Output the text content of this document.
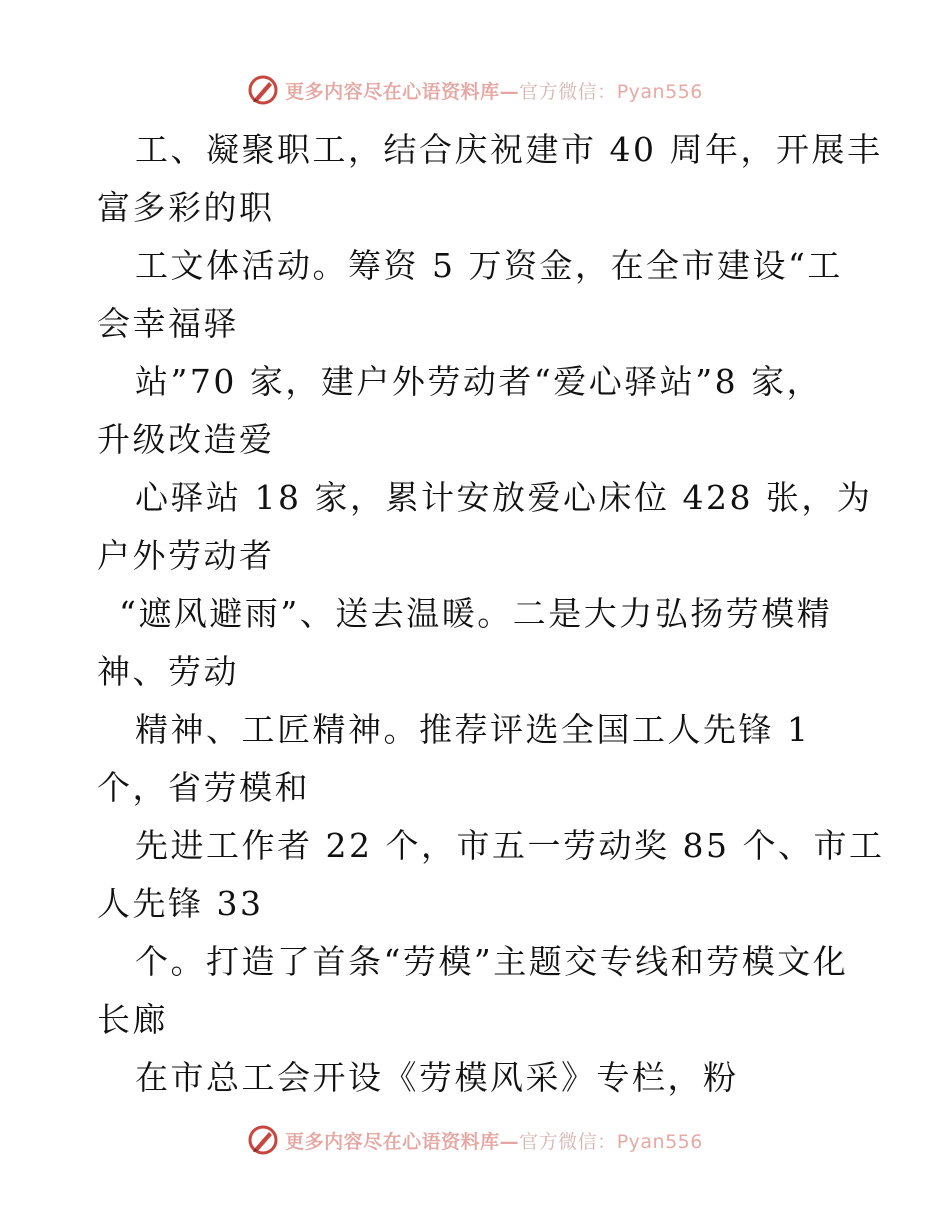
更多内容尽在心语资料库—官方微信：Pyan556
工、凝聚职工，结合庆祝建市 40 周年，开展丰
富多彩的职
工文体活动。筹资 5 万资金，在全市建设“工
会幸福驿
站”70 家，建户外劳动者“爱心驿站”8 家，
升级改造爱
心驿站 18 家，累计安放爱心床位 428 张，为
户外劳动者
“遮风避雨”、送去温暖。二是大力弘扬劳模精
神、劳动
精神、工匠精神。推荐评选全国工人先锋 1
个，省劳模和
先进工作者 22 个，市五一劳动奖 85 个、市工
人先锋 33
个。打造了首条“劳模”主题交专线和劳模文化
长廊
在市总工会开设《劳模风采》专栏，粉
更多内容尽在心语资料库—官方微信：Pyan556
